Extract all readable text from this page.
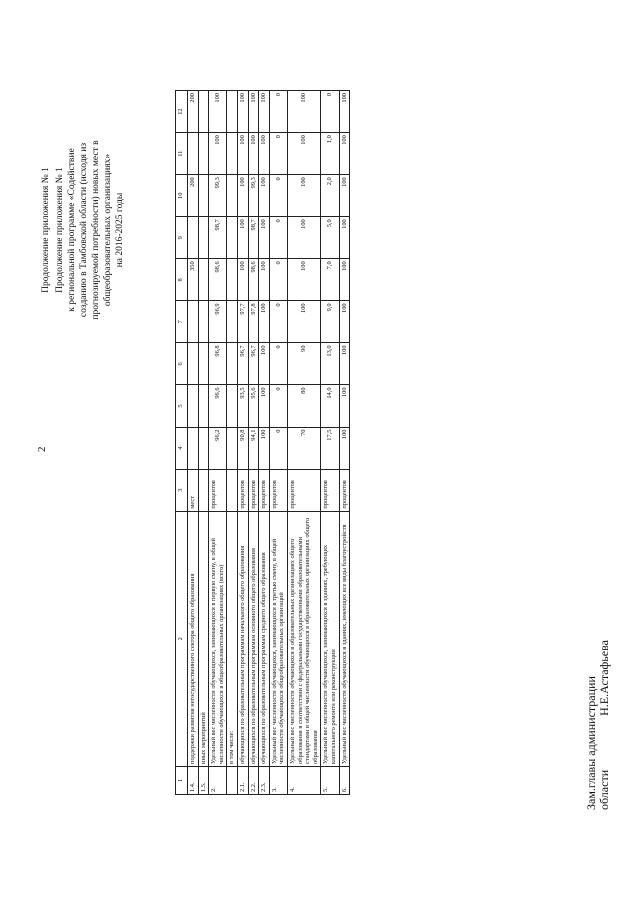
2
Продолжение приложения № 1 Продолжение приложения № 1 к региональной программе «Содействие созданию в Тамбовской области (исходя из прогнозируемой потребности) новых мест в общеобразовательных организациях» на 2016-2025 годы
1	2	3	4	5	6	7	8	9	10	11	12
1.4.	поддержки развития негосударственного сектора общего образования	мест					350		200		200
1.5.	иных мероприятий										
2.	Удельный вес численности обучающихся, занимающихся в первую смену, в общей численности обучающихся в общеобразовательных организациях (всего)	процентов	96,2	96,6	96,8	96,9	98,6	98,7	99,3	100	100
	в том числе:										
2.1.	обучающихся по образовательным программам начального общего образования	процентов	90,8	93,5	96,7	97,7	100	100	100	100	100
2.2.	обучающихся по образовательным программам основного общего образования	процентов	94,1	95,6	96,7	97,8	98,6	98,7	99,3	100	100
2.3.	обучающихся по образовательным программам среднего общего образования	процентов	100	100	100	100	100	100	100	100	100
3.	Удельный вес численности обучающихся, занимающихся в третью смену, в общей численности обучающихся общеобразовательных организаций	процентов	0	0	0	0	0	0	0	0	0
4.	Удельный вес численности обучающихся в образовательных организациях общего образования в соответствии с федеральными государственными образовательными стандартами в общей численности обучающихся в образовательных организациях общего образования	процентов	70	80	90	100	100	100	100	100	100
5.	Удельный вес численности обучающихся, занимающихся в зданиях, требующих капитального ремонта или реконструкции	процентов	17,5	14,0	13,0	9,0	7,0	5,0	2,0	1,0	0
6.	Удельный вес численности обучающихся в зданиях, имеющих все виды благоустройств	процентов	100	100	100	100	100	100	100	100	100
Зам.главы администрации области  Н.Е.Астафьева
